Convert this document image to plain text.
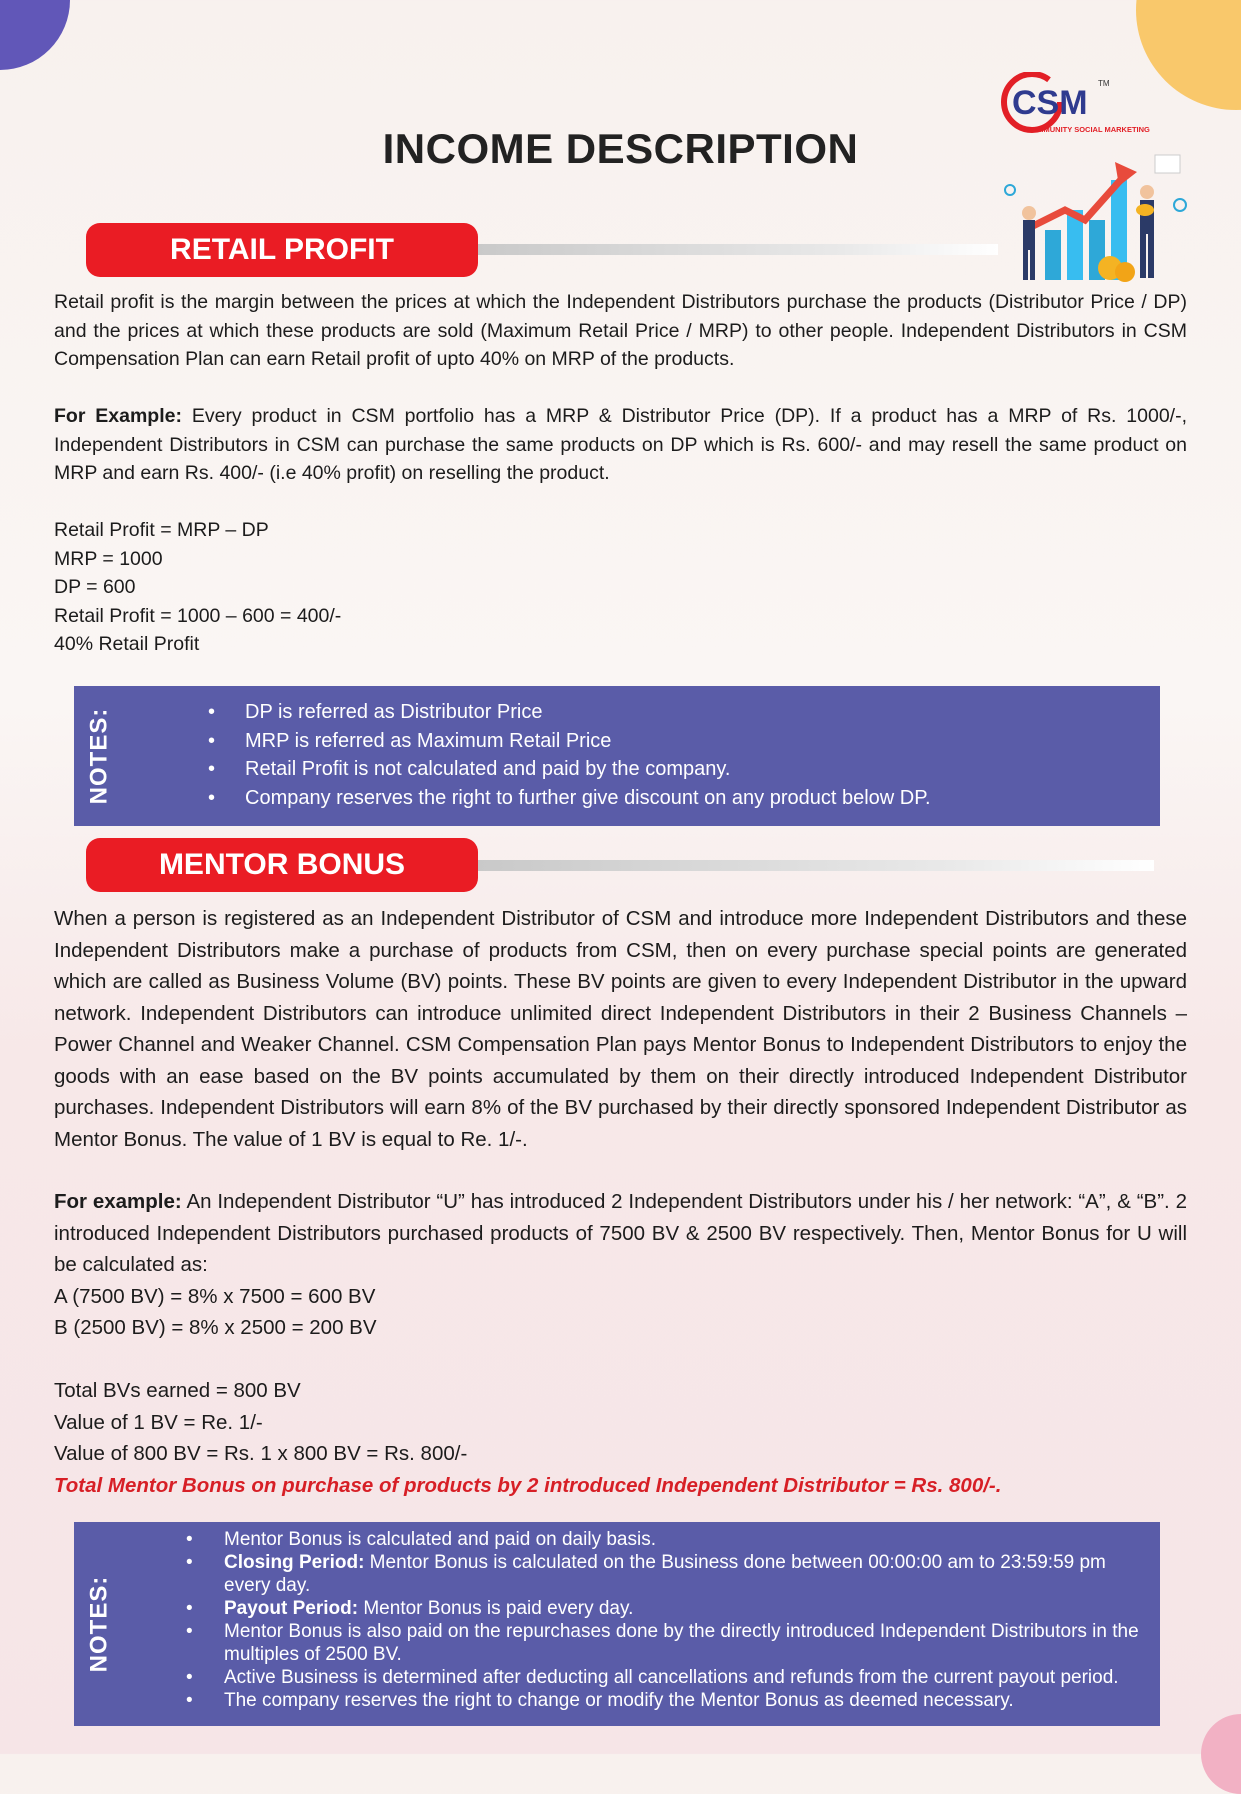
CSM
TM
COMMUNITY SOCIAL MARKETING
INCOME DESCRIPTION
RETAIL PROFIT
Retail profit is the margin between the prices at which the Independent Distributors purchase the products (Distributor Price / DP) and the prices at which these products are sold (Maximum Retail Price / MRP) to other people. Independent Distributors in CSM Compensation Plan can earn Retail profit of upto 40% on MRP of the products.
For Example: Every product in CSM portfolio has a MRP & Distributor Price (DP). If a product has a MRP of Rs. 1000/-, Independent Distributors in CSM can purchase the same products on DP which is Rs. 600/- and may resell the same product on MRP and earn Rs. 400/- (i.e 40% profit) on reselling the product.
Retail Profit = MRP – DP
MRP = 1000
DP = 600
Retail Profit = 1000 – 600 = 400/-
40% Retail Profit
NOTES:
•	DP is referred as Distributor Price
• MRP is referred as Maximum Retail Price
• Retail Profit is not calculated and paid by the company.
• Company reserves the right to further give discount on any product below DP.
MENTOR BONUS
When a person is registered as an Independent Distributor of CSM and introduce more Independent Distributors and these Independent Distributors make a purchase of products from CSM, then on every purchase special points are generated which are called as Business Volume (BV) points. These BV points are given to every Independent Distributor in the upward network. Independent Distributors can introduce unlimited direct Independent Distributors in their 2 Business Channels – Power Channel and Weaker Channel. CSM Compensation Plan pays Mentor Bonus to Independent Distributors to enjoy the goods with an ease based on the BV points accumulated by them on their directly introduced Independent Distributor purchases. Independent Distributors will earn 8% of the BV purchased by their directly sponsored Independent Distributor as Mentor Bonus. The value of 1 BV is equal to Re. 1/-.
For example: An Independent Distributor “U” has introduced 2 Independent Distributors under his / her network: “A”, & “B”. 2 introduced Independent Distributors purchased products of 7500 BV & 2500 BV respectively. Then, Mentor Bonus for U will be calculated as:
A (7500 BV) = 8% x 7500 = 600 BV
B (2500 BV) = 8% x 2500 = 200 BV
Total BVs earned = 800 BV
Value of 1 BV = Re. 1/-
Value of 800 BV = Rs. 1 x 800 BV = Rs. 800/-
Total Mentor Bonus on purchase of products by 2 introduced Independent Distributor = Rs. 800/-.
NOTES:
• Mentor Bonus is calculated and paid on daily basis.
• Closing Period: Mentor Bonus is calculated on the Business done between 00:00:00 am to 23:59:59 pm every day.
• Payout Period: Mentor Bonus is paid every day.
• Mentor Bonus is also paid on the repurchases done by the directly introduced Independent Distributors in the multiples of 2500 BV.
• Active Business is determined after deducting all cancellations and refunds from the current payout period.
• The company reserves the right to change or modify the Mentor Bonus as deemed necessary.
